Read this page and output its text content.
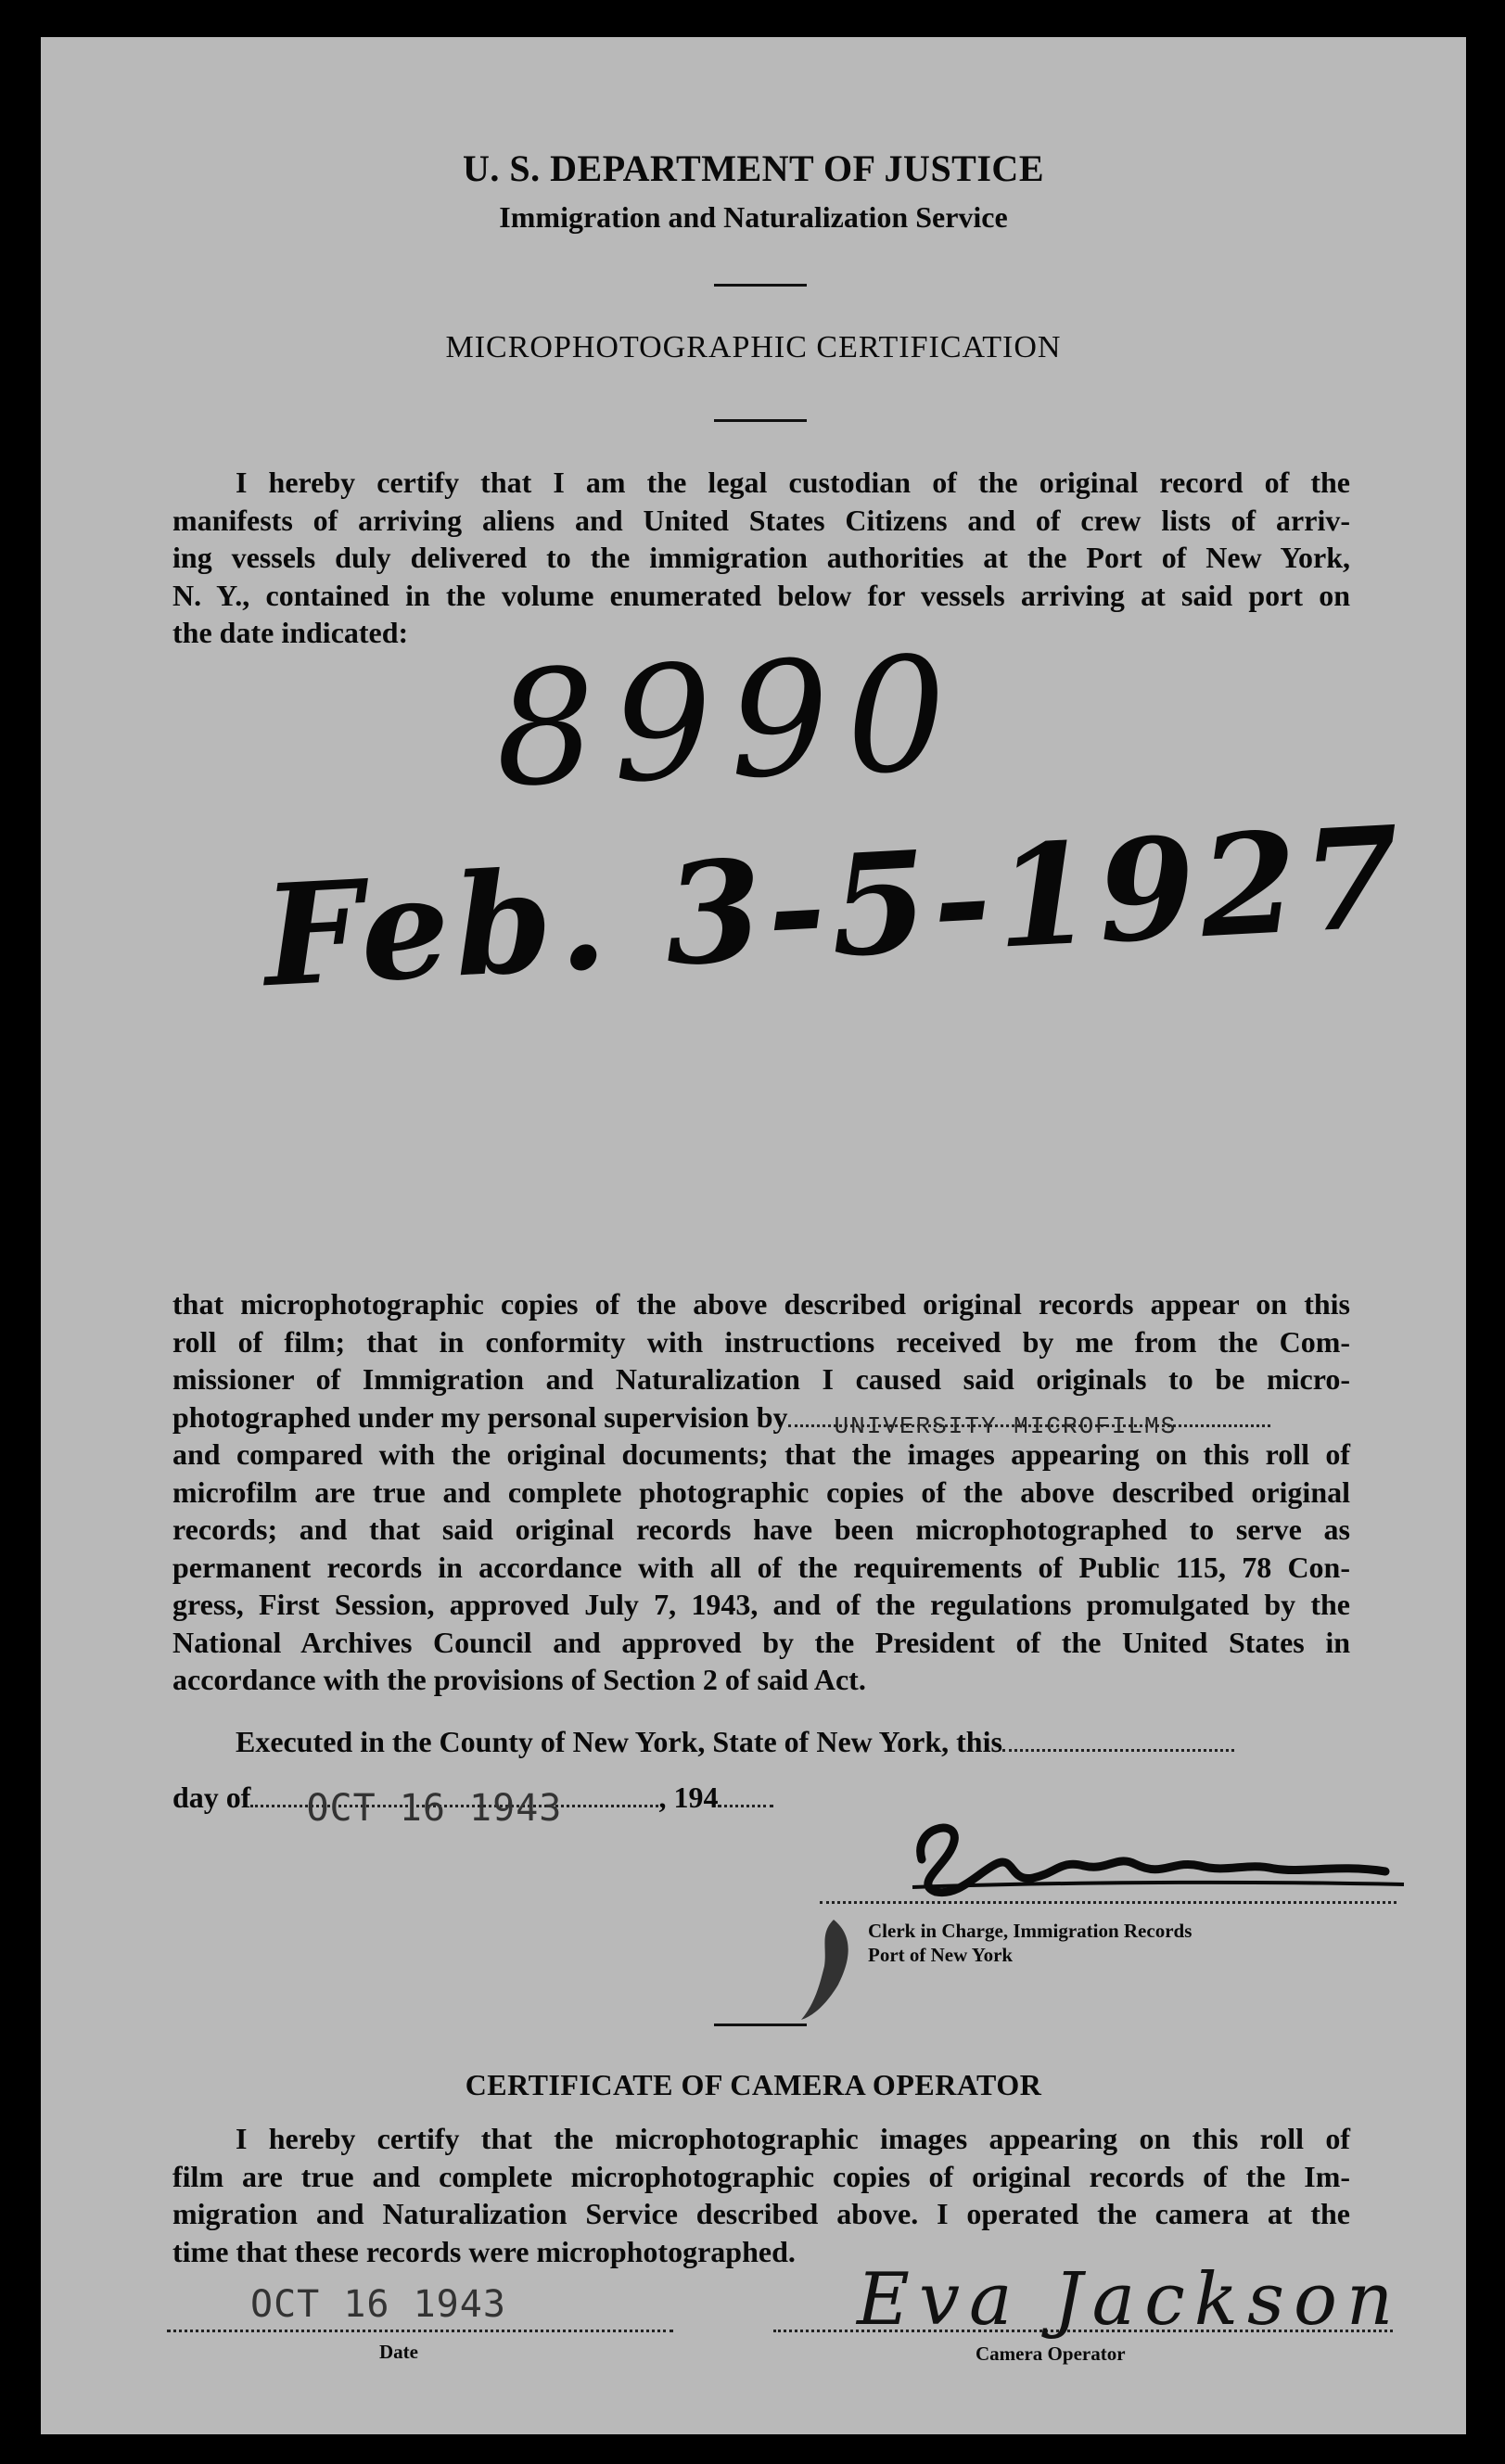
U. S. DEPARTMENT OF JUSTICE
Immigration and Naturalization Service
MICROPHOTOGRAPHIC CERTIFICATION
I hereby certify that I am the legal custodian of the original record of the
manifests of arriving aliens and United States Citizens and of crew lists of arriv-
ing vessels duly delivered to the immigration authorities at the Port of New York,
N. Y., contained in the volume enumerated below for vessels arriving at said port on
the date indicated: 8990
Feb. 3-5-1927
that microphotographic copies of the above described original records appear on this
roll of film; that in conformity with instructions received by me from the Com-
missioner of Immigration and Naturalization I caused said originals to be micro-
photographed under my personal supervision by UNIVERSITY MICROFILMS
and compared with the original documents; that the images appearing on this roll of
microfilm are true and complete photographic copies of the above described original
records; and that said original records have been microphotographed to serve as
permanent records in accordance with all of the requirements of Public 115, 78 Con-
gress, First Session, approved July 7, 1943, and of the regulations promulgated by the
National Archives Council and approved by the President of the United States in
accordance with the provisions of Section 2 of said Act.
Executed in the County of New York, State of New York, this
day of OCT 16 1943	, 194
Clerk in Charge, Immigration Records
Port of New York
CERTIFICATE OF CAMERA OPERATOR
I hereby certify that the microphotographic images appearing on this roll of
film are true and complete microphotographic copies of original records of the Im-
migration and Naturalization Service described above. I operated the camera at the
time that these records were microphotographed.
OCT 16 1943
Date
Eva Jackson
Camera Operator
